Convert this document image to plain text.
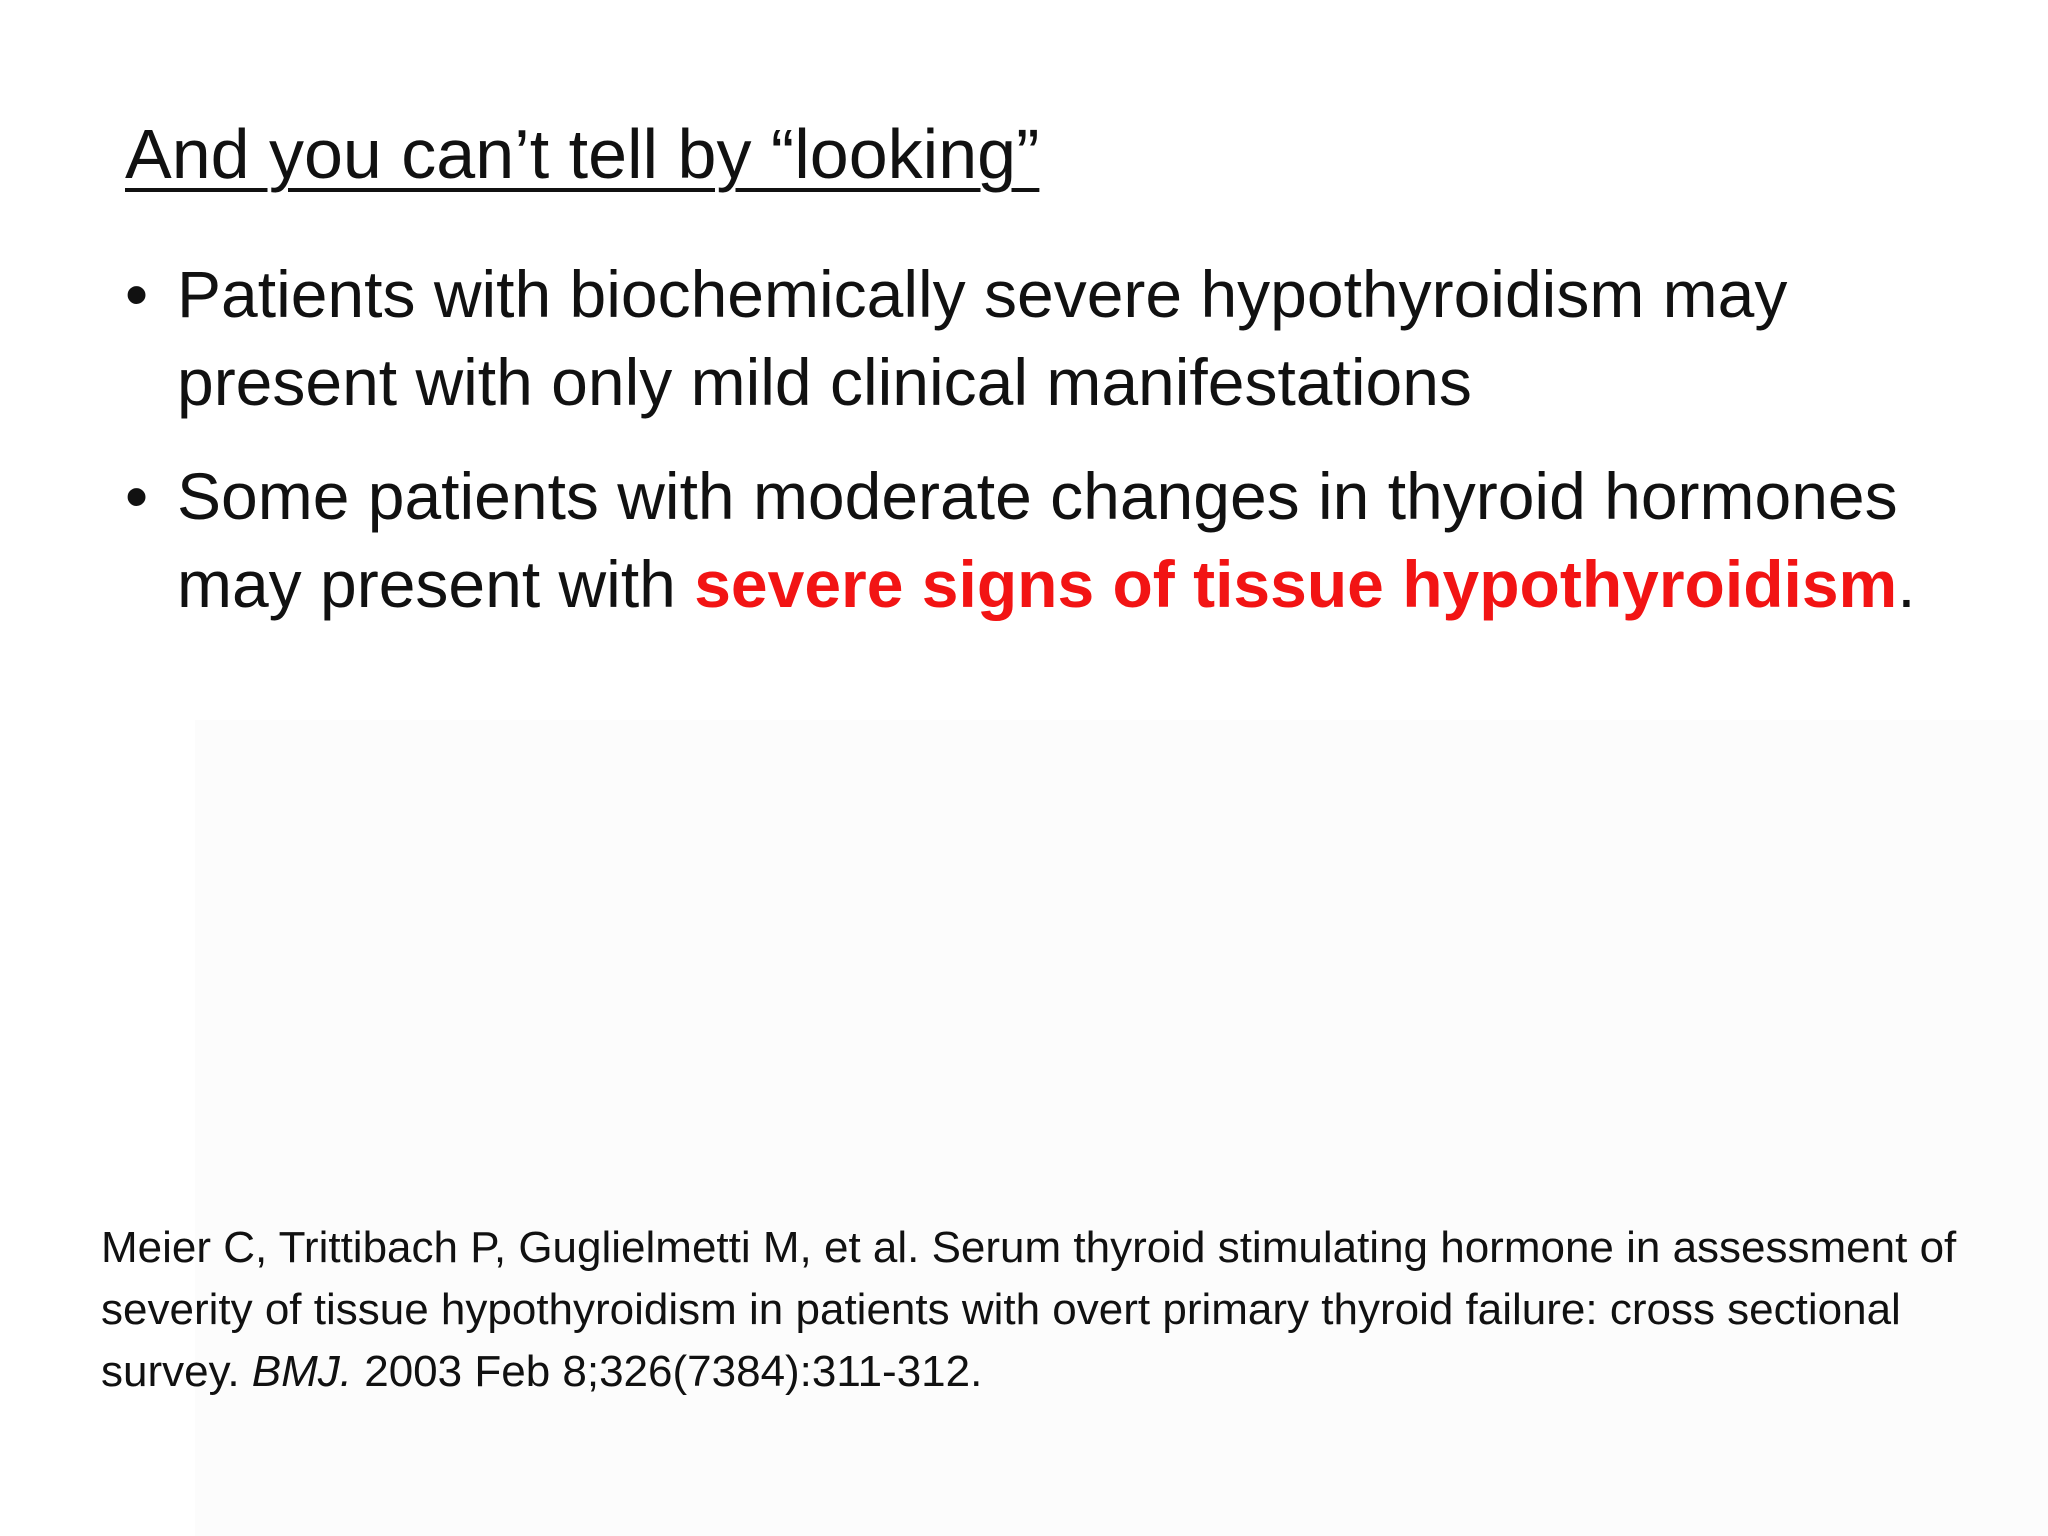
And you can’t tell by “looking”
• Patients with biochemically severe hypothyroidism may present with only mild clinical manifestations
• Some patients with moderate changes in thyroid hormones may present with severe signs of tissue hypothyroidism.

Meier C, Trittibach P, Guglielmetti M, et al. Serum thyroid stimulating hormone in assessment of severity of tissue hypothyroidism in patients with overt primary thyroid failure: cross sectional survey. BMJ. 2003 Feb 8;326(7384):311-312.
